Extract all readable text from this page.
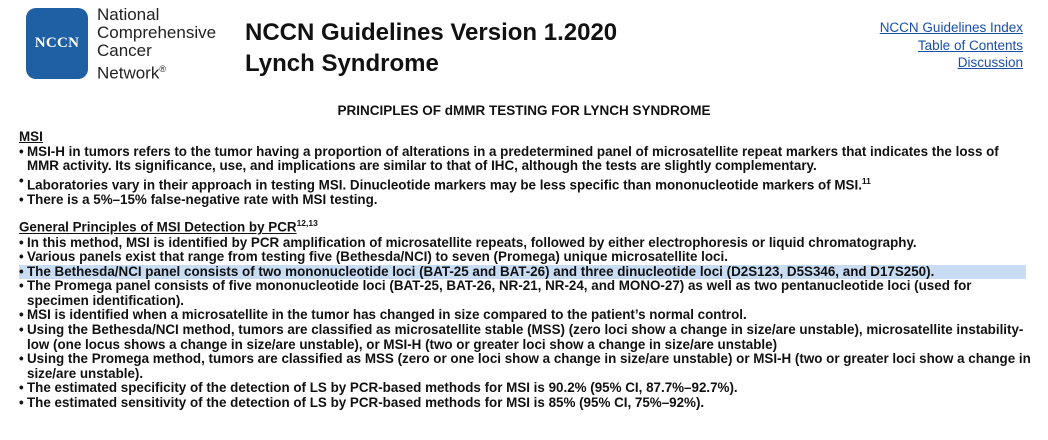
NCCN
National
Comprehensive
Cancer
Network®
NCCN Guidelines Version 1.2020
Lynch Syndrome
NCCN Guidelines Index
Table of Contents
Discussion
PRINCIPLES OF dMMR TESTING FOR LYNCH SYNDROME
MSI
• MSI-H in tumors refers to the tumor having a proportion of alterations in a predetermined panel of microsatellite repeat markers that indicates the loss of MMR activity. Its significance, use, and implications are similar to that of IHC, although the tests are slightly complementary.
• Laboratories vary in their approach in testing MSI. Dinucleotide markers may be less specific than mononucleotide markers of MSI.$^{11}$
• There is a 5%–15% false-negative rate with MSI testing.
General Principles of MSI Detection by PCR$^{12,13}$
• In this method, MSI is identified by PCR amplification of microsatellite repeats, followed by either electrophoresis or liquid chromatography.
• Various panels exist that range from testing five (Bethesda/NCI) to seven (Promega) unique microsatellite loci.
• The Bethesda/NCI panel consists of two mononucleotide loci (BAT-25 and BAT-26) and three dinucleotide loci (D2S123, D5S346, and D17S250).
• The Promega panel consists of five mononucleotide loci (BAT-25, BAT-26, NR-21, NR-24, and MONO-27) as well as two pentanucleotide loci (used for specimen identification).
• MSI is identified when a microsatellite in the tumor has changed in size compared to the patient’s normal control.
• Using the Bethesda/NCI method, tumors are classified as microsatellite stable (MSS) (zero loci show a change in size/are unstable), microsatellite instability-low (one locus shows a change in size/are unstable), or MSI-H (two or greater loci show a change in size/are unstable)
• Using the Promega method, tumors are classified as MSS (zero or one loci show a change in size/are unstable) or MSI-H (two or greater loci show a change in size/are unstable).
• The estimated specificity of the detection of LS by PCR-based methods for MSI is 90.2% (95% CI, 87.7%–92.7%).
• The estimated sensitivity of the detection of LS by PCR-based methods for MSI is 85% (95% CI, 75%–92%).
